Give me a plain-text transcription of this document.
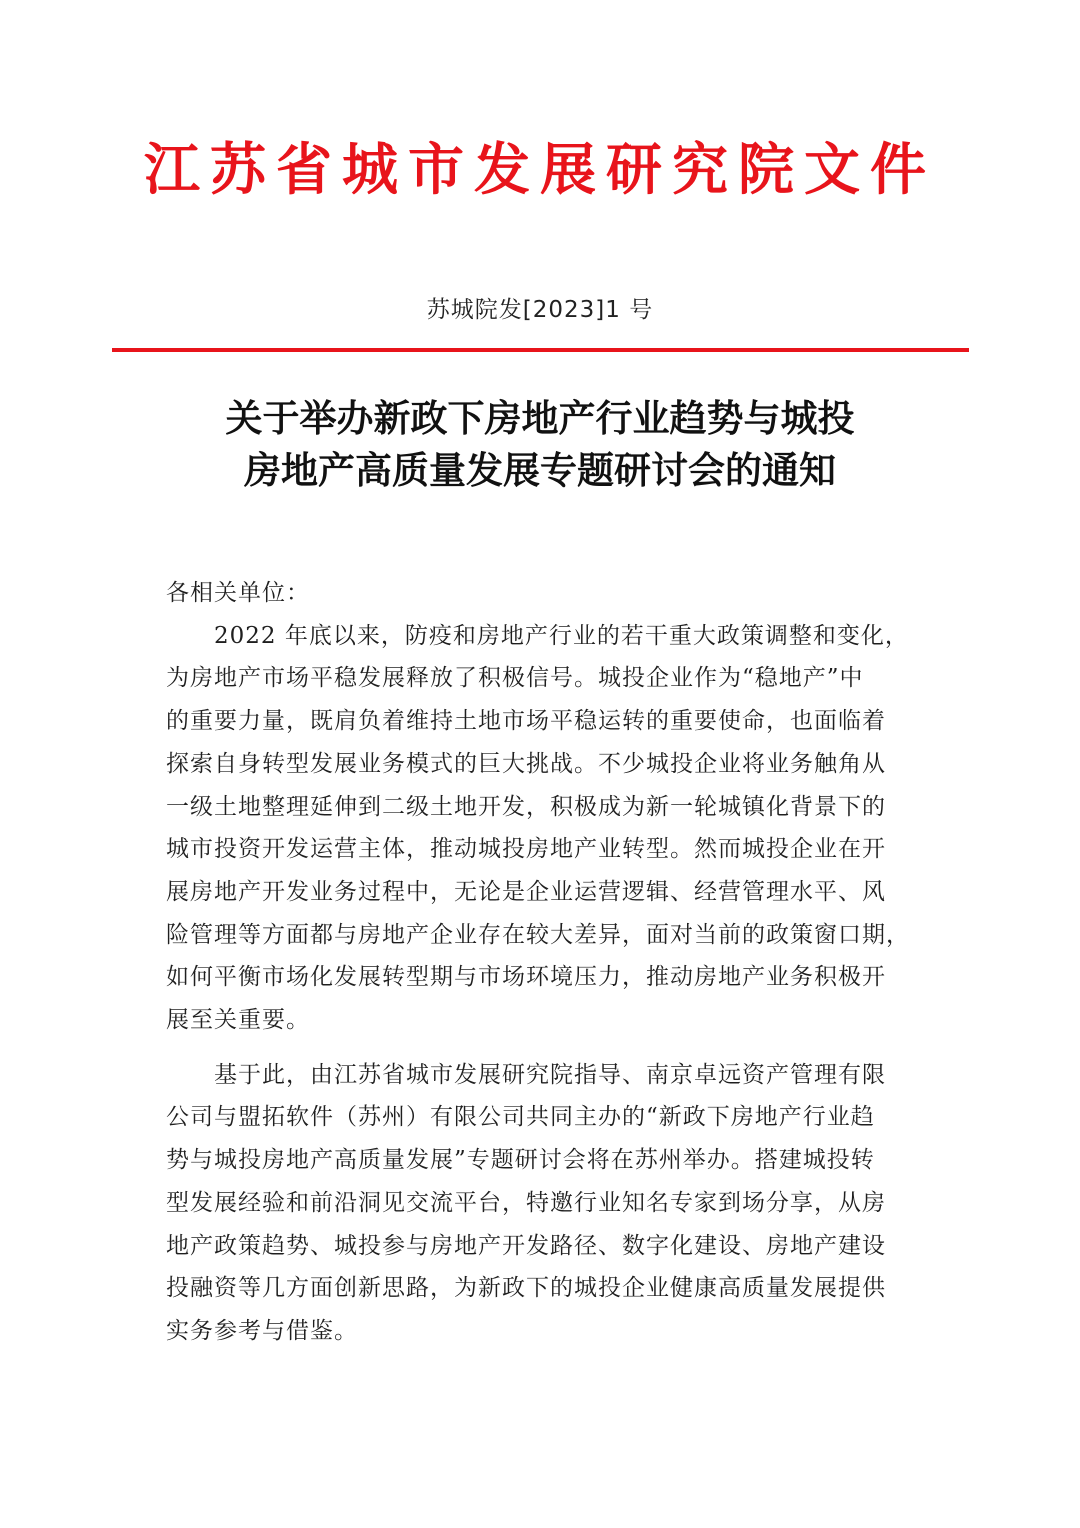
江苏省城市发展研究院文件
苏城院发[2023]1 号
关于举办新政下房地产行业趋势与城投
房地产高质量发展专题研讨会的通知
各相关单位：
2022 年底以来，防疫和房地产行业的若干重大政策调整和变化，
为房地产市场平稳发展释放了积极信号。城投企业作为“稳地产”中
的重要力量，既肩负着维持土地市场平稳运转的重要使命，也面临着
探索自身转型发展业务模式的巨大挑战。不少城投企业将业务触角从
一级土地整理延伸到二级土地开发，积极成为新一轮城镇化背景下的
城市投资开发运营主体，推动城投房地产业转型。然而城投企业在开
展房地产开发业务过程中，无论是企业运营逻辑、经营管理水平、风
险管理等方面都与房地产企业存在较大差异，面对当前的政策窗口期，
如何平衡市场化发展转型期与市场环境压力，推动房地产业务积极开
展至关重要。
基于此，由江苏省城市发展研究院指导、南京卓远资产管理有限
公司与盟拓软件（苏州）有限公司共同主办的“新政下房地产行业趋
势与城投房地产高质量发展”专题研讨会将在苏州举办。搭建城投转
型发展经验和前沿洞见交流平台，特邀行业知名专家到场分享，从房
地产政策趋势、城投参与房地产开发路径、数字化建设、房地产建设
投融资等几方面创新思路，为新政下的城投企业健康高质量发展提供
实务参考与借鉴。
